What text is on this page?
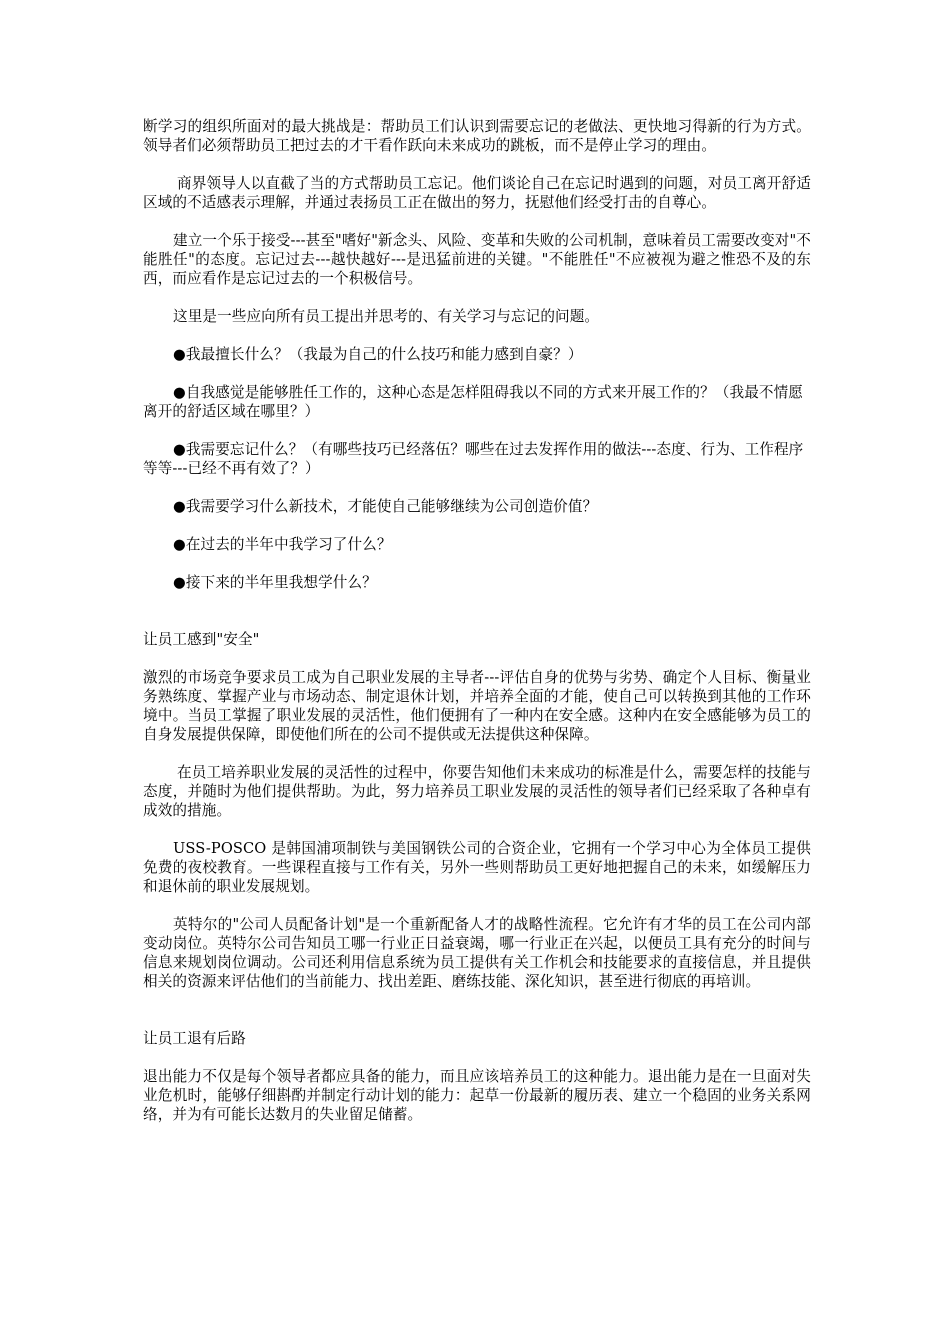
断学习的组织所面对的最大挑战是：帮助员工们认识到需要忘记的老做法、更快地习得新的行为方式。领导者们必须帮助员工把过去的才干看作跃向未来成功的跳板，而不是停止学习的理由。

商界领导人以直截了当的方式帮助员工忘记。他们谈论自己在忘记时遇到的问题，对员工离开舒适区域的不适感表示理解，并通过表扬员工正在做出的努力，抚慰他们经受打击的自尊心。

建立一个乐于接受---甚至"嗜好"新念头、风险、变革和失败的公司机制，意味着员工需要改变对"不能胜任"的态度。忘记过去---越快越好---是迅猛前进的关键。"不能胜任"不应被视为避之惟恐不及的东西，而应看作是忘记过去的一个积极信号。

这里是一些应向所有员工提出并思考的、有关学习与忘记的问题。

●我最擅长什么？（我最为自己的什么技巧和能力感到自豪？）

●自我感觉是能够胜任工作的，这种心态是怎样阻碍我以不同的方式来开展工作的？（我最不情愿离开的舒适区域在哪里？）

●我需要忘记什么？（有哪些技巧已经落伍？哪些在过去发挥作用的做法---态度、行为、工作程序等等---已经不再有效了？）

●我需要学习什么新技术，才能使自己能够继续为公司创造价值？

●在过去的半年中我学习了什么？

●接下来的半年里我想学什么？

让员工感到"安全"

激烈的市场竞争要求员工成为自己职业发展的主导者---评估自身的优势与劣势、确定个人目标、衡量业务熟练度、掌握产业与市场动态、制定退休计划，并培养全面的才能，使自己可以转换到其他的工作环境中。当员工掌握了职业发展的灵活性，他们便拥有了一种内在安全感。这种内在安全感能够为员工的自身发展提供保障，即使他们所在的公司不提供或无法提供这种保障。

在员工培养职业发展的灵活性的过程中，你要告知他们未来成功的标准是什么，需要怎样的技能与态度，并随时为他们提供帮助。为此，努力培养员工职业发展的灵活性的领导者们已经采取了各种卓有成效的措施。

USS-POSCO 是韩国浦项制铁与美国钢铁公司的合资企业，它拥有一个学习中心为全体员工提供免费的夜校教育。一些课程直接与工作有关，另外一些则帮助员工更好地把握自己的未来，如缓解压力和退休前的职业发展规划。

英特尔的"公司人员配备计划"是一个重新配备人才的战略性流程。它允许有才华的员工在公司内部变动岗位。英特尔公司告知员工哪一行业正日益衰竭，哪一行业正在兴起，以便员工具有充分的时间与信息来规划岗位调动。公司还利用信息系统为员工提供有关工作机会和技能要求的直接信息，并且提供相关的资源来评估他们的当前能力、找出差距、磨练技能、深化知识，甚至进行彻底的再培训。

让员工退有后路

退出能力不仅是每个领导者都应具备的能力，而且应该培养员工的这种能力。退出能力是在一旦面对失业危机时，能够仔细斟酌并制定行动计划的能力：起草一份最新的履历表、建立一个稳固的业务关系网络，并为有可能长达数月的失业留足储蓄。
